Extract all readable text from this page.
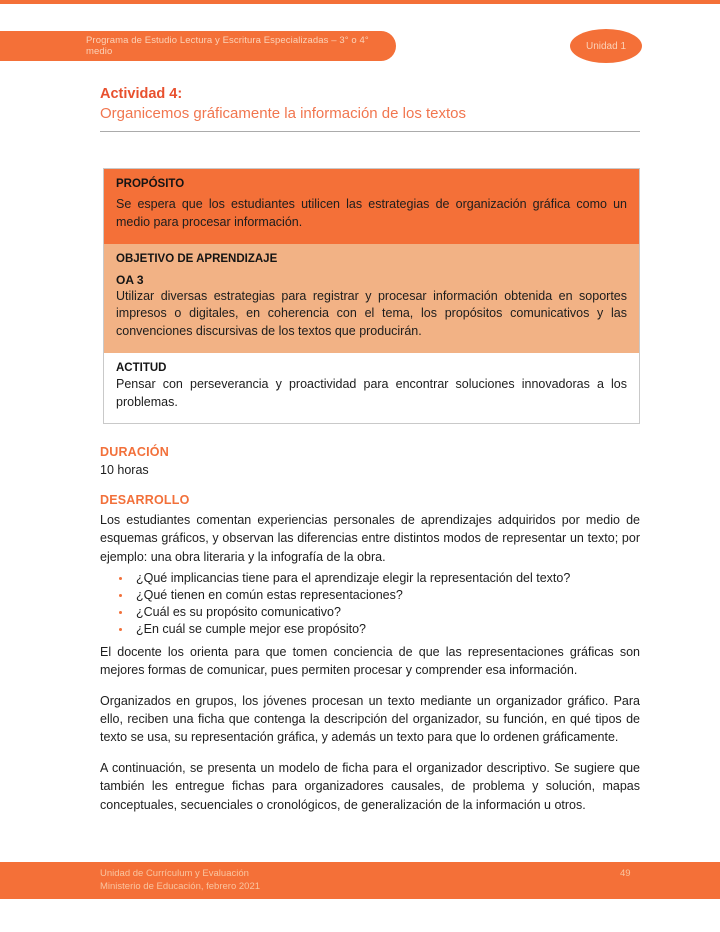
Programa de Estudio Lectura y Escritura Especializadas – 3° o 4° medio	Unidad 1
Actividad 4:
Organicemos gráficamente la información de los textos
PROPÓSITO

Se espera que los estudiantes utilicen las estrategias de organización gráfica como un medio para procesar información.

OBJETIVO DE APRENDIZAJE
OA 3

Utilizar diversas estrategias para registrar y procesar información obtenida en soportes impresos o digitales, en coherencia con el tema, los propósitos comunicativos y las convenciones discursivas de los textos que producirán.

ACTITUD

Pensar con perseverancia y proactividad para encontrar soluciones innovadoras a los problemas.

DURACIÓN

10 horas

DESARROLLO

Los estudiantes comentan experiencias personales de aprendizajes adquiridos por medio de esquemas gráficos, y observan las diferencias entre distintos modos de representar un texto; por ejemplo: una obra literaria y la infografía de la obra.

• ¿Qué implicancias tiene para el aprendizaje elegir la representación del texto?
• ¿Qué tienen en común estas representaciones?
• ¿Cuál es su propósito comunicativo?
• ¿En cuál se cumple mejor ese propósito?

El docente los orienta para que tomen conciencia de que las representaciones gráficas son mejores formas de comunicar, pues permiten procesar y comprender esa información.

Organizados en grupos, los jóvenes procesan un texto mediante un organizador gráfico. Para ello, reciben una ficha que contenga la descripción del organizador, su función, en qué tipos de texto se usa, su representación gráfica, y además un texto para que lo ordenen gráficamente.

A continuación, se presenta un modelo de ficha para el organizador descriptivo. Se sugiere que también les entregue fichas para organizadores causales, de problema y solución, mapas conceptuales, secuenciales o cronológicos, de generalización de la información u otros.

Unidad de Currículum y Evaluación
Ministerio de Educación, febrero 2021
49
